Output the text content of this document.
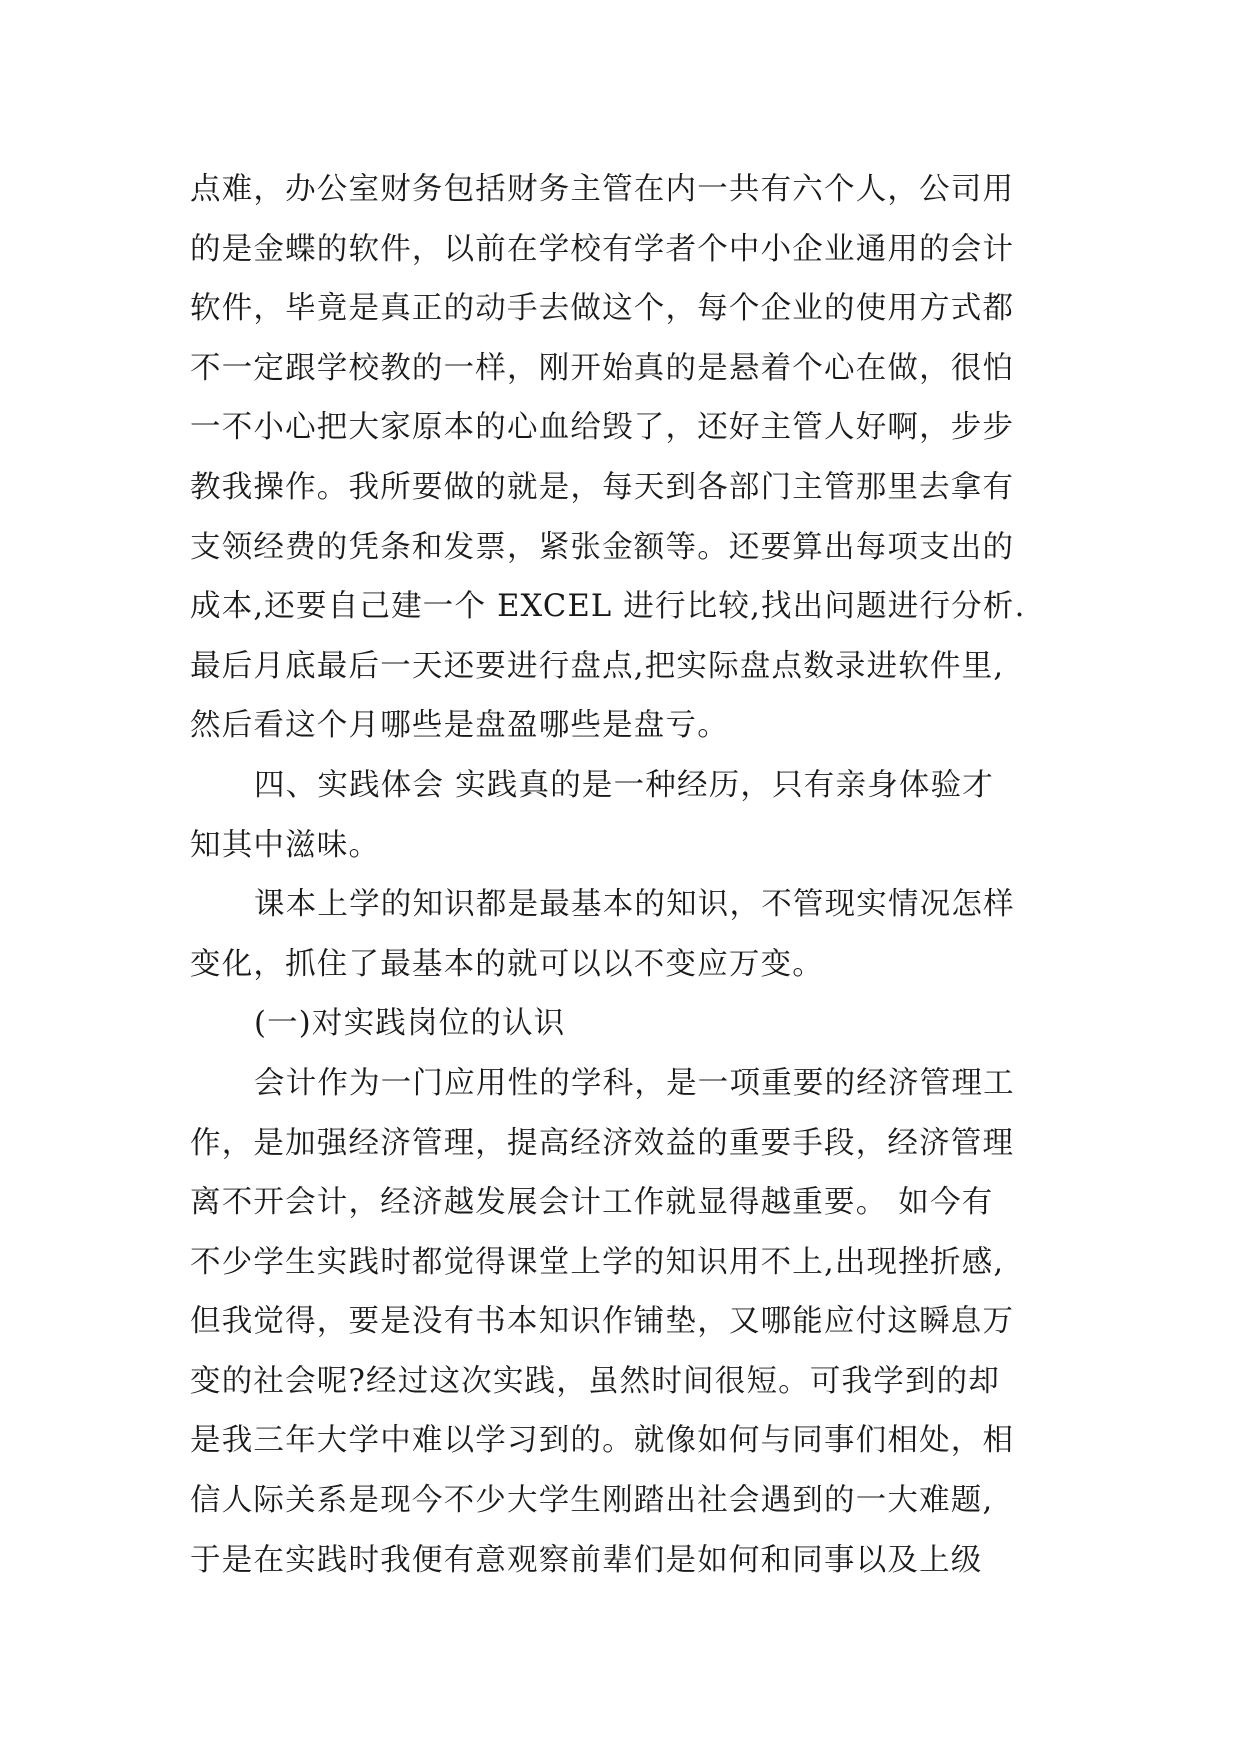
点难，办公室财务包括财务主管在内一共有六个人，公司用
的是金蝶的软件，以前在学校有学者个中小企业通用的会计
软件，毕竟是真正的动手去做这个，每个企业的使用方式都
不一定跟学校教的一样，刚开始真的是悬着个心在做，很怕
一不小心把大家原本的心血给毁了，还好主管人好啊，步步
教我操作。我所要做的就是，每天到各部门主管那里去拿有
支领经费的凭条和发票，紧张金额等。还要算出每项支出的
成本,还要自己建一个 EXCEL 进行比较,找出问题进行分析.
最后月底最后一天还要进行盘点,把实际盘点数录进软件里,
然后看这个月哪些是盘盈哪些是盘亏。
四、实践体会 实践真的是一种经历，只有亲身体验才
知其中滋味。
课本上学的知识都是最基本的知识，不管现实情况怎样
变化，抓住了最基本的就可以以不变应万变。
(一)对实践岗位的认识
会计作为一门应用性的学科，是一项重要的经济管理工
作，是加强经济管理，提高经济效益的重要手段，经济管理
离不开会计，经济越发展会计工作就显得越重要。 如今有
不少学生实践时都觉得课堂上学的知识用不上,出现挫折感,
但我觉得，要是没有书本知识作铺垫，又哪能应付这瞬息万
变的社会呢?经过这次实践，虽然时间很短。可我学到的却
是我三年大学中难以学习到的。就像如何与同事们相处，相
信人际关系是现今不少大学生刚踏出社会遇到的一大难题,
于是在实践时我便有意观察前辈们是如何和同事以及上级
